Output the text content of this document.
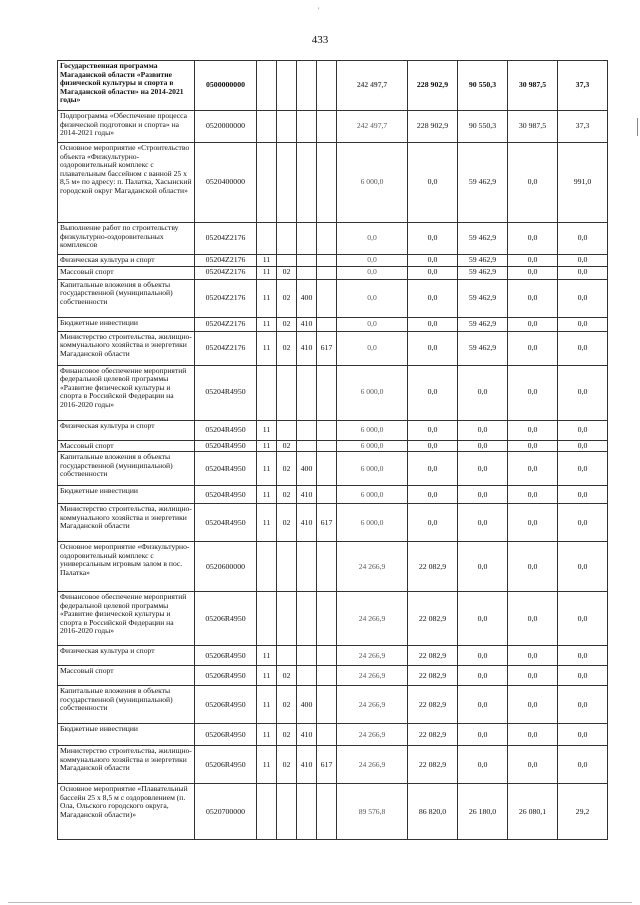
'
433
Государственная программа Магаданской области «Развитие физической культуры и спорта в Магаданской области» на 2014-2021 годы»	0500000000					242 497,7	228 902,9	90 550,3	30 987,5	37,3
Подпрограмма «Обеспечение процесса физической подготовки и спорта» на 2014-2021 годы»	0520000000					242 497,7	228 902,9	90 550,3	30 987,5	37,3
Основное мероприятие «Строительство объекта «Физкультурно-оздоровительный комплекс с плавательным бассейном с ванной 25 х 8,5 м» по адресу: п. Палатка, Хасынский городской округ Магаданской области»	0520400000					6 000,0	0,0	59 462,9	0,0	991,0
Выполнение работ по строительству физкультурно-оздоровительных комплексов	05204Z2176					0,0	0,0	59 462,9	0,0	0,0
Физическая культура и спорт	05204Z2176	11				0,0	0,0	59 462,9	0,0	0,0
Массовый спорт	05204Z2176	11	02			0,0	0,0	59 462,9	0,0	0,0
Капитальные вложения в объекты государственной (муниципальной) собственности	05204Z2176	11	02	400		0,0	0,0	59 462,9	0,0	0,0
Бюджетные инвестиции	05204Z2176	11	02	410		0,0	0,0	59 462,9	0,0	0,0
Министерство строительства, жилищно-коммунального хозяйства и энергетики Магаданской области	05204Z2176	11	02	410	617	0,0	0,0	59 462,9	0,0	0,0
Финансовое обеспечение мероприятий федеральной целевой программы «Развитие физической культуры и спорта в Российской Федерации на 2016-2020 годы»	05204R4950					6 000,0	0,0	0,0	0,0	0,0
Физическая культура и спорт	05204R4950	11				6 000,0	0,0	0,0	0,0	0,0
Массовый спорт	05204R4950	11	02			6 000,0	0,0	0,0	0,0	0,0
Капитальные вложения в объекты государственной (муниципальной) собственности	05204R4950	11	02	400		6 000,0	0,0	0,0	0,0	0,0
Бюджетные инвестиции	05204R4950	11	02	410		6 000,0	0,0	0,0	0,0	0,0
Министерство строительства, жилищно-коммунального хозяйства и энергетики Магаданской области	05204R4950	11	02	410	617	6 000,0	0,0	0,0	0,0	0,0
Основное мероприятие «Физкультурно-оздоровительный комплекс с универсальным игровым залом в пос. Палатка»	0520600000					24 266,9	22 082,9	0,0	0,0	0,0
Финансовое обеспечение мероприятий федеральной целевой программы «Развитие физической культуры и спорта в Российской Федерации на 2016-2020 годы»	05206R4950					24 266,9	22 082,9	0,0	0,0	0,0
Физическая культура и спорт	05206R4950	11				24 266,9	22 082,9	0,0	0,0	0,0
Массовый спорт	05206R4950	11	02			24 266,9	22 082,9	0,0	0,0	0,0
Капитальные вложения в объекты государственной (муниципальной) собственности	05206R4950	11	02	400		24 266,9	22 082,9	0,0	0,0	0,0
Бюджетные инвестиции	05206R4950	11	02	410		24 266,9	22 082,9	0,0	0,0	0,0
Министерство строительства, жилищно-коммунального хозяйства и энергетики Магаданской области	05206R4950	11	02	410	617	24 266,9	22 082,9	0,0	0,0	0,0
Основное мероприятие «Плавательный бассейн 25 х 8,5 м с оздоровлением (п. Ола, Ольского городского округа, Магаданской области)»	0520700000					89 576,8	86 820,0	26 180,0	26 080,1	29,2
